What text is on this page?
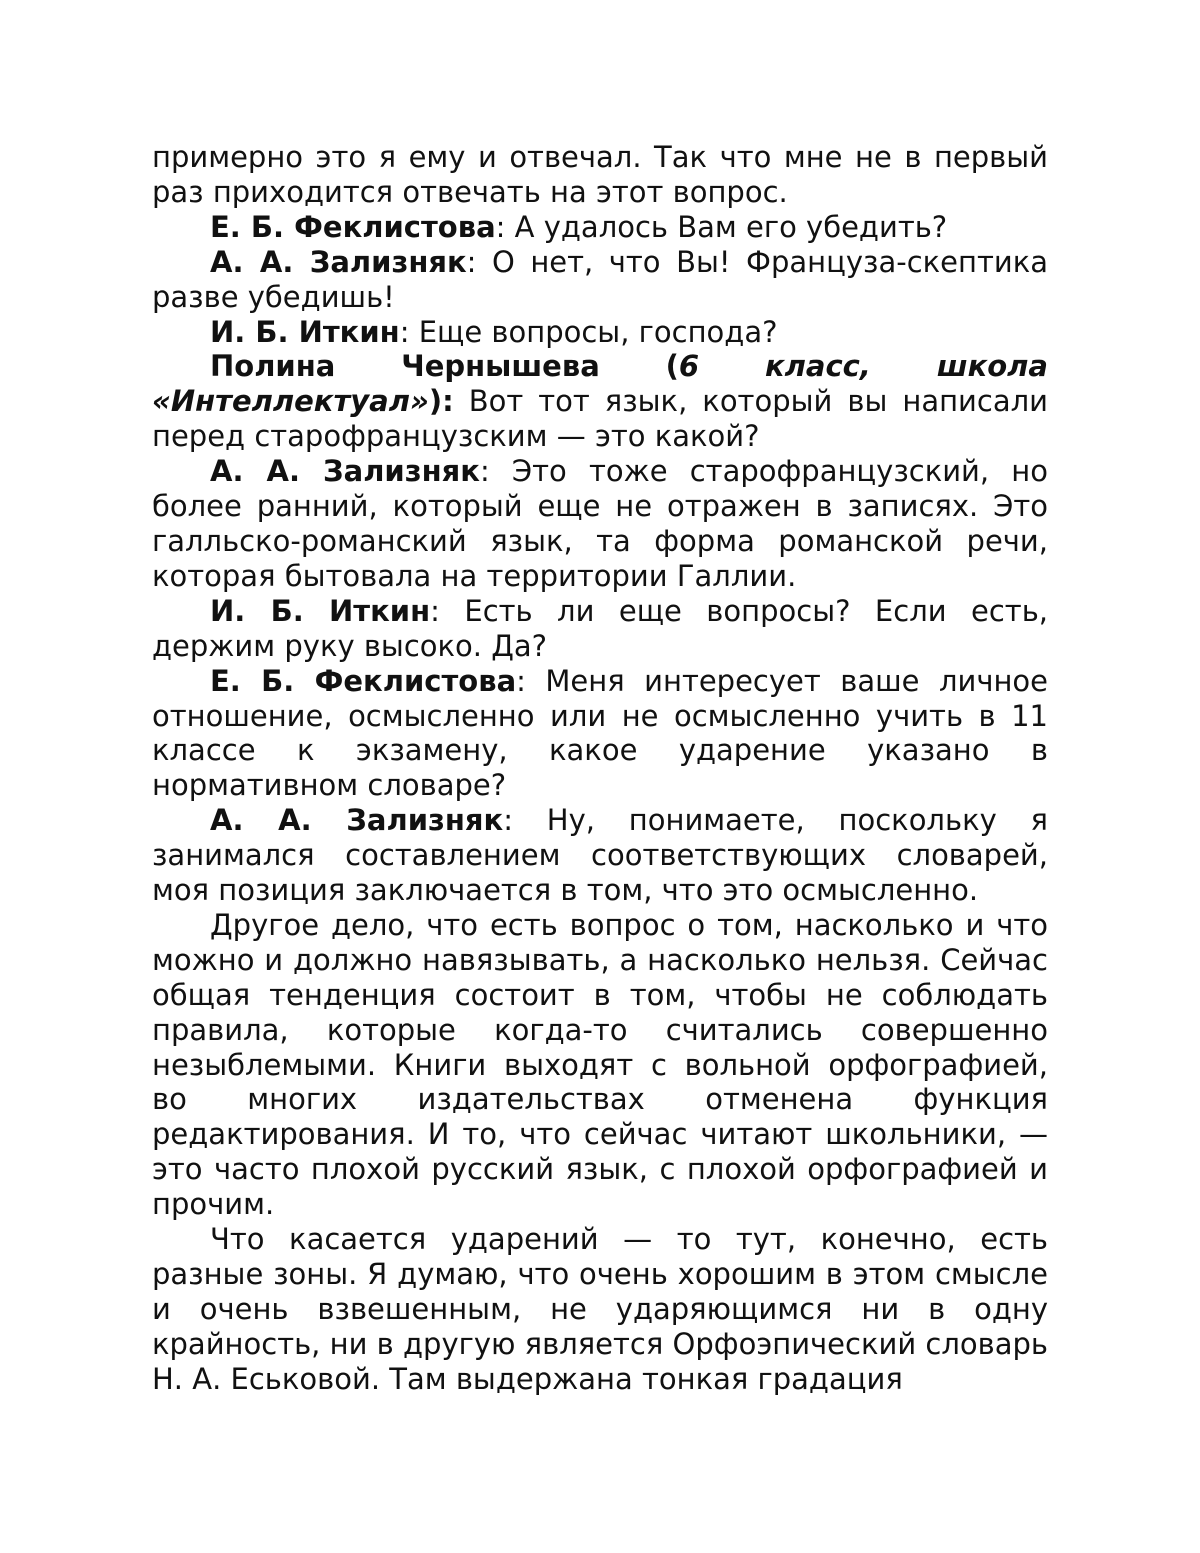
примерно это я ему и отвечал. Так что мне не в первый раз приходится отвечать на этот вопрос.

Е. Б. Феклистова: А удалось Вам его убедить?

А. А. Зализняк: О нет, что Вы! Француза-скептика разве убедишь!

И. Б. Иткин: Еще вопросы, господа?

Полина Чернышева (6 класс, школа «Интеллектуал»): Вот тот язык, который вы написали перед старофранцузским — это какой?

А. А. Зализняк: Это тоже старофранцузский, но более ранний, который еще не отражен в записях. Это галльско-романский язык, та форма романской речи, которая бытовала на территории Галлии.

И. Б. Иткин: Есть ли еще вопросы? Если есть, держим руку высоко. Да?

Е. Б. Феклистова: Меня интересует ваше личное отношение, осмысленно или не осмысленно учить в 11 классе к экзамену, какое ударение указано в нормативном словаре?

А. А. Зализняк: Ну, понимаете, поскольку я занимался составлением соответствующих словарей, моя позиция заключается в том, что это осмысленно.

Другое дело, что есть вопрос о том, насколько и что можно и должно навязывать, а насколько нельзя. Сейчас общая тенденция состоит в том, чтобы не соблюдать правила, которые когда-то считались совершенно незыблемыми. Книги выходят с вольной орфографией, во многих издательствах отменена функция редактирования. И то, что сейчас читают школьники, — это часто плохой русский язык, с плохой орфографией и прочим.

Что касается ударений — то тут, конечно, есть разные зоны. Я думаю, что очень хорошим в этом смысле и очень взвешенным, не ударяющимся ни в одну крайность, ни в другую является Орфоэпический словарь Н. А. Еськовой. Там выдержана тонкая градация
